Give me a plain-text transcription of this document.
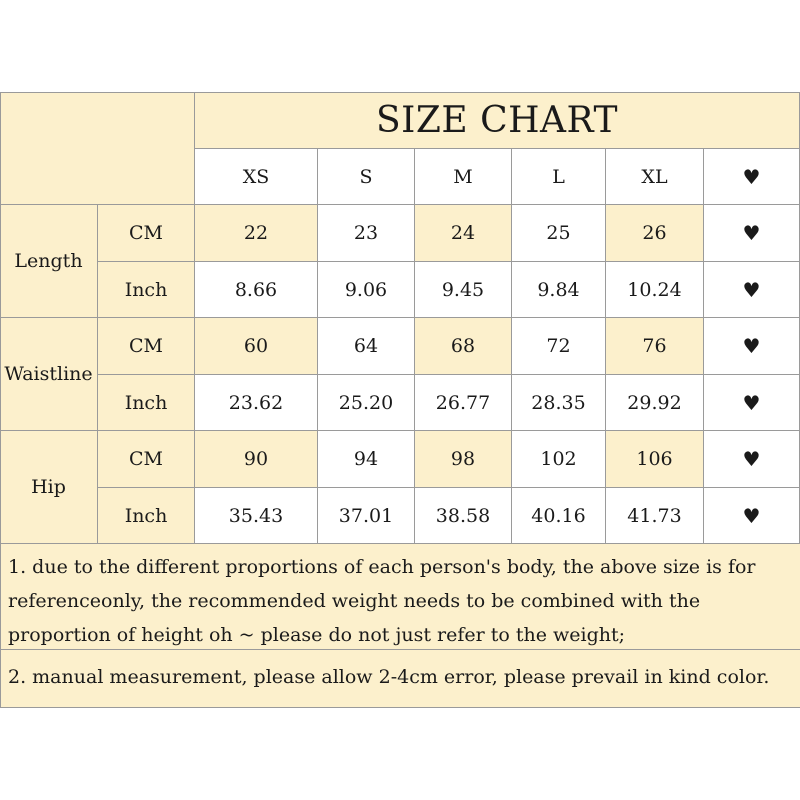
SIZE CHART
XS	S	M	L	XL	♥
Length
CM	22	23	24	25	26	♥
Inch	8.66	9.06	9.45	9.84	10.24	♥
Waistline
CM	60	64	68	72	76	♥
Inch	23.62	25.20	26.77	28.35	29.92	♥
Hip
CM	90	94	98	102	106	♥
Inch	35.43	37.01	38.58	40.16	41.73	♥
1. due to the different proportions of each person's body, the above size is for referenceonly, the recommended weight needs to be combined with the proportion of height oh ~ please do not just refer to the weight;
2. manual measurement, please allow 2-4cm error, please prevail in kind color.
